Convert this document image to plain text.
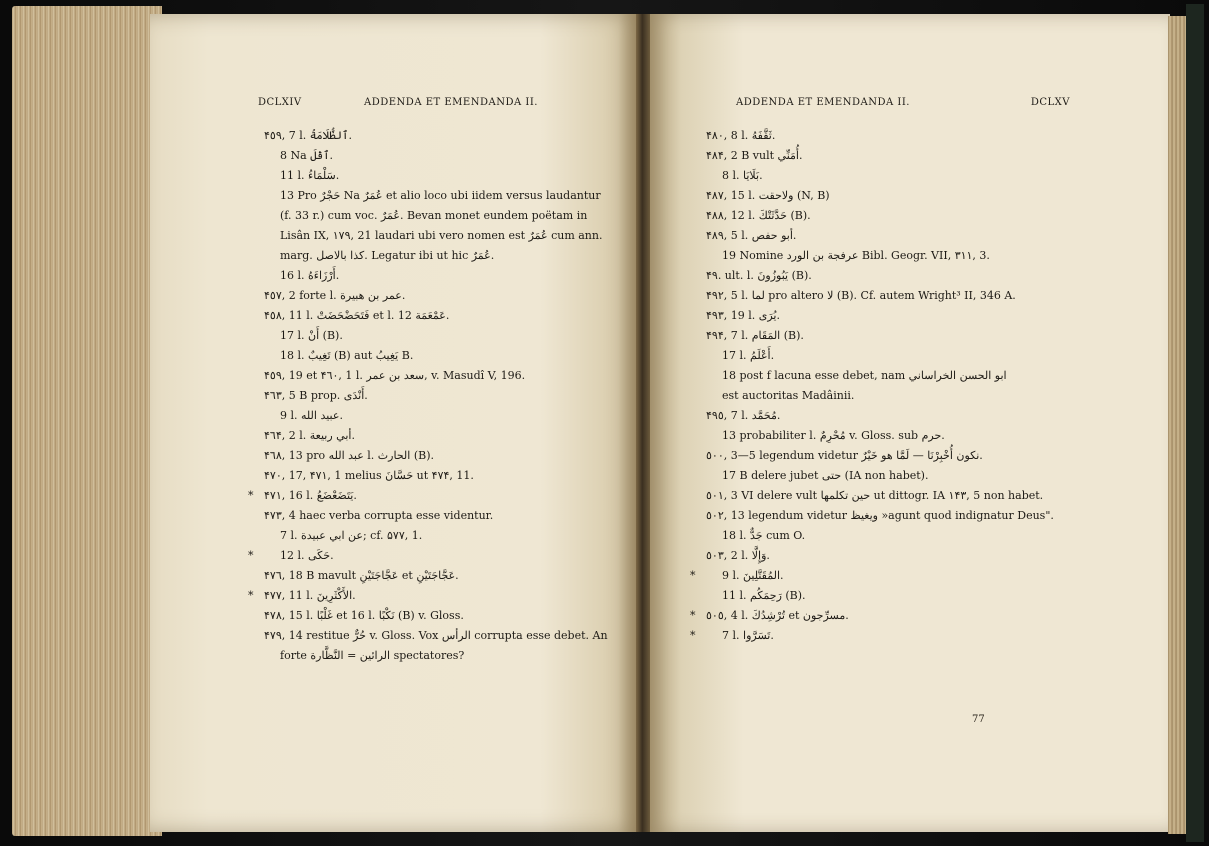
DCLXIV	ADDENDA ET EMENDANDA II.
۴٥۹, 7 l. ٱلظُّلَامَةُ.
8 Na ٱقْلَ.
11 l. سَلْمَاءُ.
13 Pro حَجْرٌ Na عُمَرٌ et alio loco ubi iidem versus laudantur
(f. 33 r.) cum voc. عُمَرٌ. Bevan monet eundem poëtam in
Lisân IX, ۱۷۹, 21 laudari ubi vero nomen est عُمَرٌ cum ann.
marg. كذا بالاصل. Legatur ibi ut hic عُمَرٌ.
16 l. أَرْزَاءَهُ.
۴٥۷, 2 forte l. عمر بن هبيرة.
۴٥۸, 11 l. فَتَحَضْحَضَتْ et l. 12 عَمْعَمَة.
17 l. أَنْ (B).
18 l. تَغِيبٌ (B) aut يَغِيبُ B.
۴٥۹, 19 et ۴٦۰, 1 l. سعد بن عمر, v. Masudî V, 196.
۴٦۳, 5 B prop. أَنْدَى.
9 l. عبيد الله.
۴٦۴, 2 l. أبي ربيعة.
۴٦۸, 13 pro عبد الله l. الحارث (B).
۴۷۰, 17, ۴۷۱, 1 melius حَسَّانَ ut ۴۷۴, 11.
* ۴۷۱, 16 l. يَتَضَعْضَعُ.
۴۷۳, 4 haec verba corrupta esse videntur.
7 l. عن ابي عبيدة; cf. ۵۷۷, 1.
* 12 l. حَكَى.
۴۷٦, 18 B mavult عَجَّاجَتَيْنِ et عَجَّاجَتَيْنِ.
* ۴۷۷, 11 l. الأَكْثَرِينَ.
۴۷۸, 15 l. غَلْبًا et 16 l. نَكْبًا (B) v. Gloss.
۴۷۹, 14 restitue حُرٌّ v. Gloss. Vox الرأس corrupta esse debet. An
forte الرائين = النَّظَّارة spectatores?
ADDENDA ET EMENDANDA II.	DCLXV
۴۸۰, 8 l. ثَقَّفَهُ.
۴۸۴, 2 B vult أُمَنِّي.
8 l. بَلَايَا.
۴۸۷, 15 l. ولاحقت (N, B)
۴۸۸, 12 l. حَدَّثَتْكَ (B).
۴۸۹, 5 l. أبو حفص.
19 Nomine عرفجة بن الورد Bibl. Geogr. VII, ۳۱۱, 3.
۴۹. ult. l. يَبُوزُونَ (B).
۴۹۲, 5 l. لما pro altero لا (B). Cf. autem Wright³ II, 346 A.
۴۹۳, 19 l. يُرَى.
۴۹۴, 7 l. المَقَام (B).
17 l. أَعْلَمُ.
18 post f lacuna esse debet, nam ابو الحسن الخراساني
est auctoritas Madâinii.
۴۹٥, 7 l. مُحَمَّد.
13 probabiliter l. مُحْرِمٌ v. Gloss. sub حرم.
٥۰۰, 3—5 legendum videtur نكون أُخْبِرْنَا — لَمَّا هو خَيْرٌ.
17 B delere jubet حتى (IA non habet).
٥۰۱, 3 VI delere vult حين تكلمها ut dittogr. IA ۱۴۳, 5 non habet.
٥۰۲, 13 legendum videtur ويغيظ »agunt quod indignatur Deus".
18 l. جَدٌّ cum O.
٥۰۳, 2 l. وَإِلَّا.
* 9 l. المُقَتَّلِينَ.
11 l. رَحِمَكُم (B).
* ٥۰٥, 4 l. تُرْشِدُكَ et مسرِّجون.
* 7 l. تَسَرَّوا.
77
